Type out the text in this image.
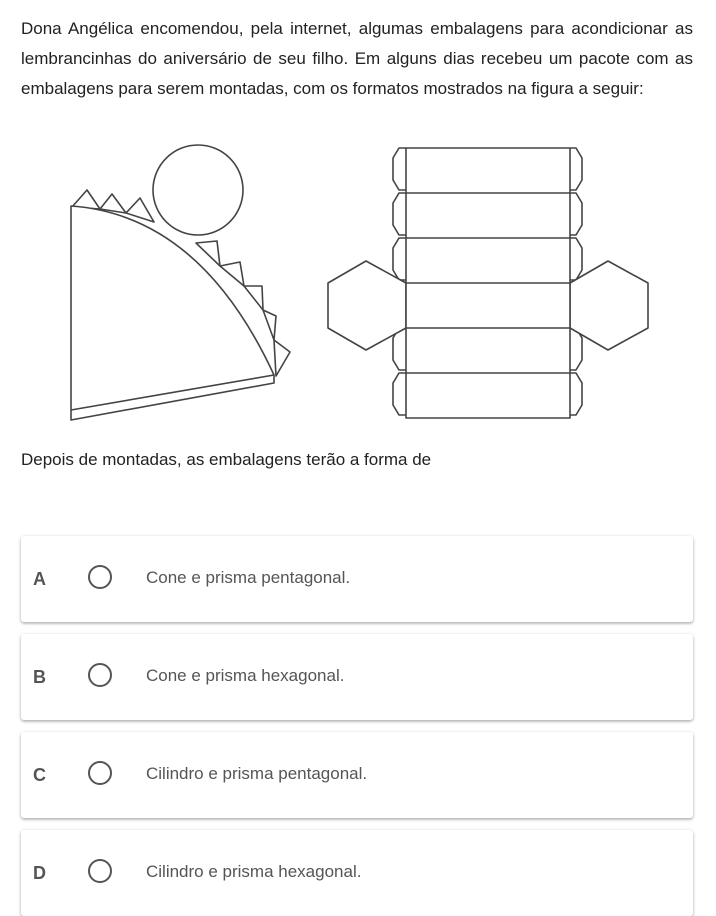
Dona Angélica encomendou, pela internet, algumas embalagens para acondicionar as lembrancinhas do aniversário de seu filho. Em alguns dias recebeu um pacote com as embalagens para serem montadas, com os formatos mostrados na figura a seguir:

Depois de montadas, as embalagens terão a forma de

A	Cone e prisma pentagonal.
B	Cone e prisma hexagonal.
C	Cilindro e prisma pentagonal.
D	Cilindro e prisma hexagonal.
